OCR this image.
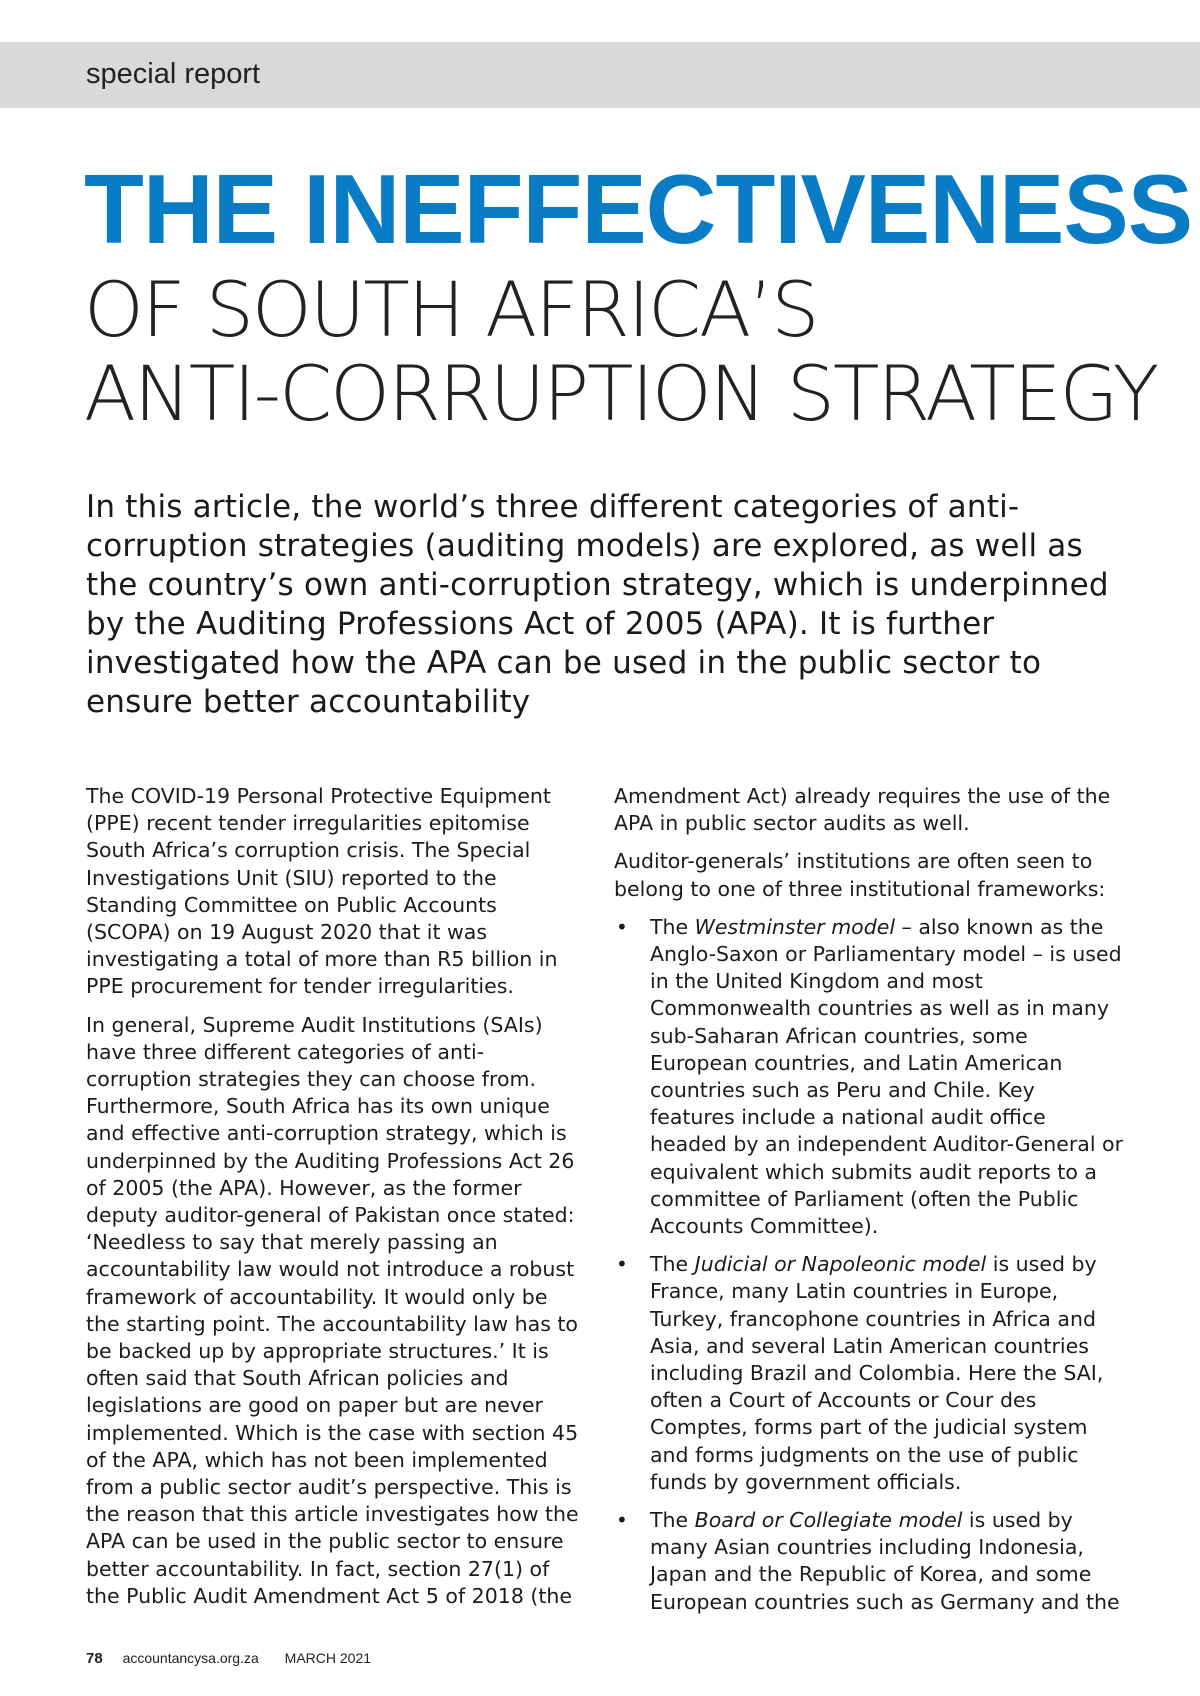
special report
THE INEFFECTIVENESS
OF SOUTH AFRICA’S
ANTI-CORRUPTION STRATEGY
In this article, the world’s three different categories of anti-corruption strategies (auditing models) are explored, as well as the country’s own anti-corruption strategy, which is underpinned by the Auditing Professions Act of 2005 (APA). It is further investigated how the APA can be used in the public sector to ensure better accountability

The COVID-19 Personal Protective Equipment (PPE) recent tender irregularities epitomise South Africa’s corruption crisis. The Special Investigations Unit (SIU) reported to the Standing Committee on Public Accounts (SCOPA) on 19 August 2020 that it was investigating a total of more than R5 billion in PPE procurement for tender irregularities.

In general, Supreme Audit Institutions (SAIs) have three different categories of anti-corruption strategies they can choose from. Furthermore, South Africa has its own unique and effective anti-corruption strategy, which is underpinned by the Auditing Professions Act 26 of 2005 (the APA). However, as the former deputy auditor-general of Pakistan once stated: ‘Needless to say that merely passing an accountability law would not introduce a robust framework of accountability. It would only be the starting point. The accountability law has to be backed up by appropriate structures.’ It is often said that South African policies and legislations are good on paper but are never implemented. Which is the case with section 45 of the APA, which has not been implemented from a public sector audit’s perspective. This is the reason that this article investigates how the APA can be used in the public sector to ensure better accountability. In fact, section 27(1) of the Public Audit Amendment Act 5 of 2018 (the

Amendment Act) already requires the use of the APA in public sector audits as well.

Auditor-generals’ institutions are often seen to belong to one of three institutional frameworks:

• The Westminster model – also known as the Anglo-Saxon or Parliamentary model – is used in the United Kingdom and most Commonwealth countries as well as in many sub-Saharan African countries, some European countries, and Latin American countries such as Peru and Chile. Key features include a national audit office headed by an independent Auditor-General or equivalent which submits audit reports to a committee of Parliament (often the Public Accounts Committee).
• The Judicial or Napoleonic model is used by France, many Latin countries in Europe, Turkey, francophone countries in Africa and Asia, and several Latin American countries including Brazil and Colombia. Here the SAI, often a Court of Accounts or Cour des Comptes, forms part of the judicial system and forms judgments on the use of public funds by government officials.
• The Board or Collegiate model is used by many Asian countries including Indonesia, Japan and the Republic of Korea, and some European countries such as Germany and the
78 accountancysa.org.za MARCH 2021
